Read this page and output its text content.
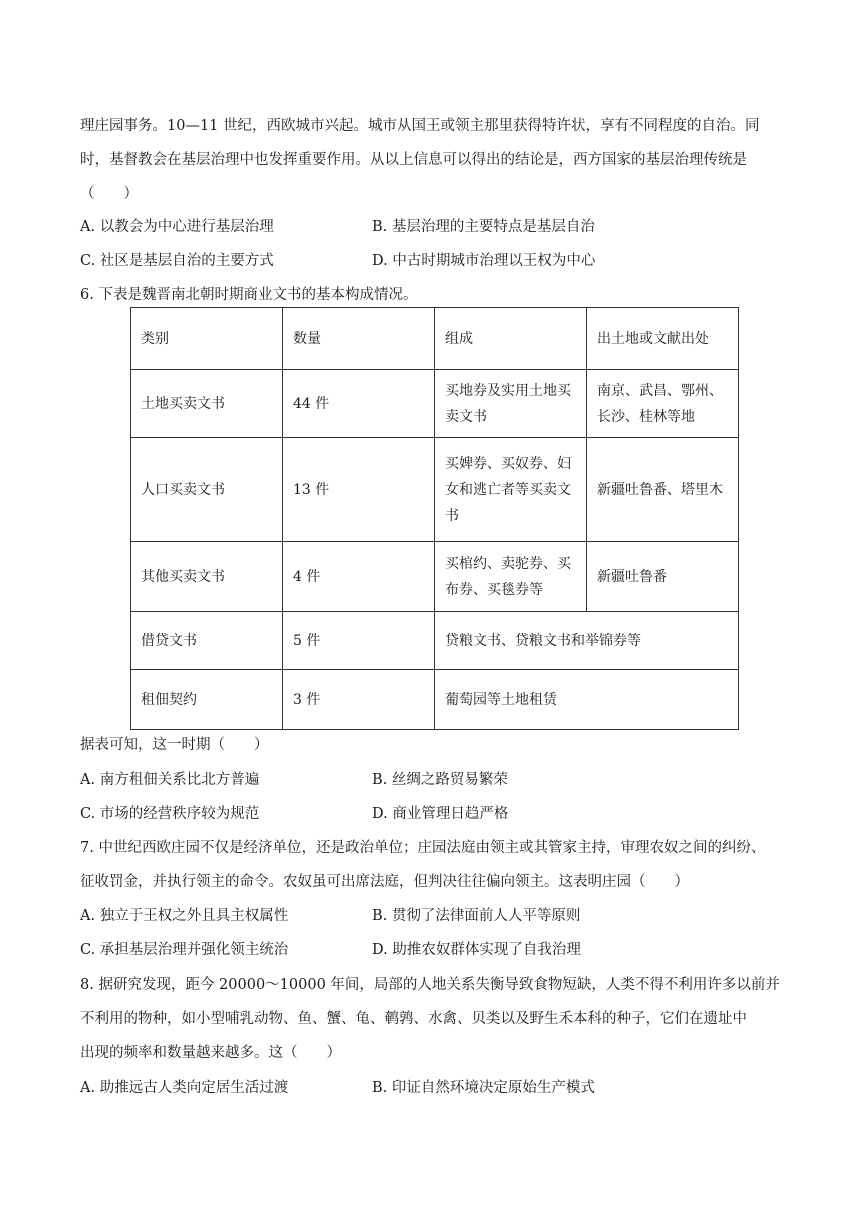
理庄园事务。10—11 世纪，西欧城市兴起。城市从国王或领主那里获得特许状，享有不同程度的自治。同
时，基督教会在基层治理中也发挥重要作用。从以上信息可以得出的结论是，西方国家的基层治理传统是
（　　）
A. 以教会为中心进行基层治理	B. 基层治理的主要特点是基层自治
C. 社区是基层自治的主要方式	D. 中古时期城市治理以王权为中心
6. 下表是魏晋南北朝时期商业文书的基本构成情况。
类别	数量	组成	出土地或文献出处
土地买卖文书	44 件	买地券及实用土地买卖文书	南京、武昌、鄂州、长沙、桂林等地
人口买卖文书	13 件	买婢券、买奴券、妇女和逃亡者等买卖文书	新疆吐鲁番、塔里木
其他买卖文书	4 件	买棺约、卖驼券、买布券、买毯券等	新疆吐鲁番
借贷文书	5 件	贷粮文书、贷粮文书和举锦券等	
租佃契约	3 件	葡萄园等土地租赁	
据表可知，这一时期（　　）
A. 南方租佃关系比北方普遍	B. 丝绸之路贸易繁荣
C. 市场的经营秩序较为规范	D. 商业管理日趋严格
7. 中世纪西欧庄园不仅是经济单位，还是政治单位；庄园法庭由领主或其管家主持，审理农奴之间的纠纷、
征收罚金，并执行领主的命令。农奴虽可出席法庭，但判决往往偏向领主。这表明庄园（　　）
A. 独立于王权之外且具主权属性	B. 贯彻了法律面前人人平等原则
C. 承担基层治理并强化领主统治	D. 助推农奴群体实现了自我治理
8. 据研究发现，距今 20000～10000 年间，局部的人地关系失衡导致食物短缺，人类不得不利用许多以前并
不利用的物种，如小型哺乳动物、鱼、蟹、龟、鹌鹑、水禽、贝类以及野生禾本科的种子，它们在遗址中
出现的频率和数量越来越多。这（　　）
A. 助推远古人类向定居生活过渡	B. 印证自然环境决定原始生产模式
